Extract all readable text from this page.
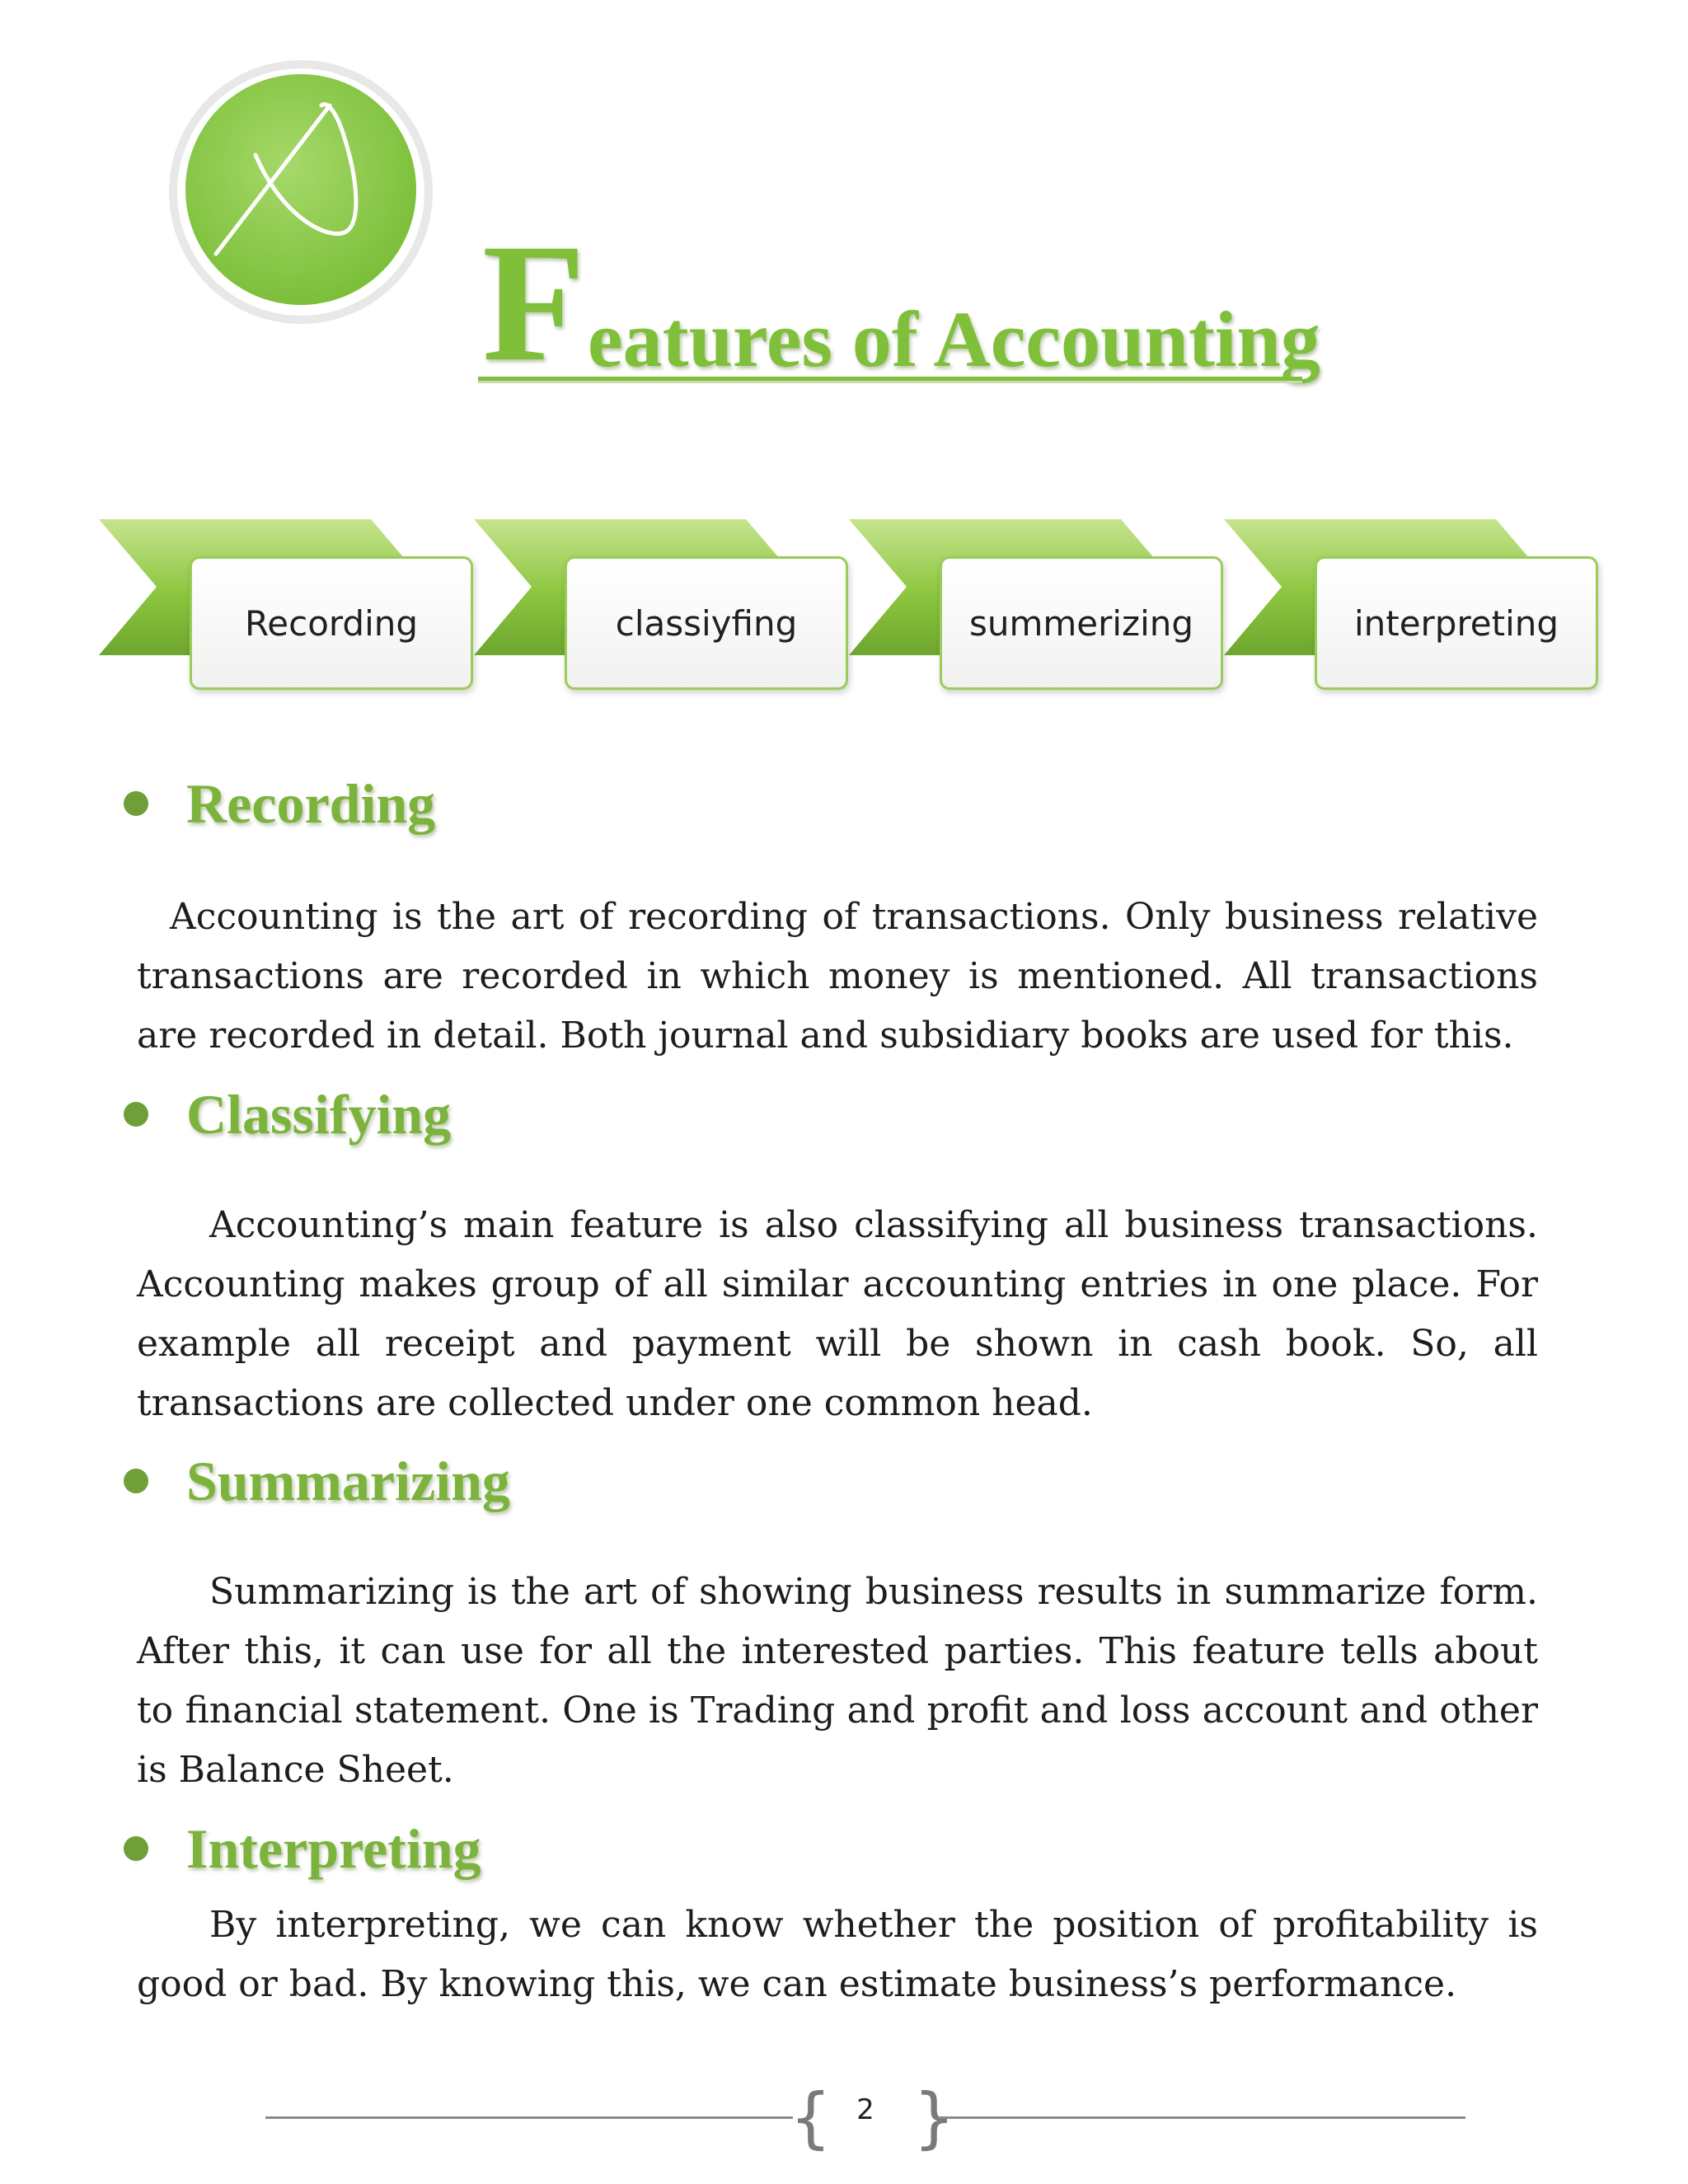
F eatures of Accounting
Recording	classiyfing	summerizing	interpreting
Recording

Accounting is the art of recording of transactions. Only business relative transactions are recorded in which money is mentioned. All transactions are recorded in detail. Both journal and subsidiary books are used for this.

Classifying

Accounting’s main feature is also classifying all business transactions. Accounting makes group of all similar accounting entries in one place. For example all receipt and payment will be shown in cash book. So, all transactions are collected under one common head.

Summarizing

Summarizing is the art of showing business results in summarize form. After this, it can use for all the interested parties. This feature tells about to financial statement. One is Trading and profit and loss account and other is Balance Sheet.

Interpreting

By interpreting, we can know whether the position of profitability is good or bad. By knowing this, we can estimate business’s performance.

{ 2 }
